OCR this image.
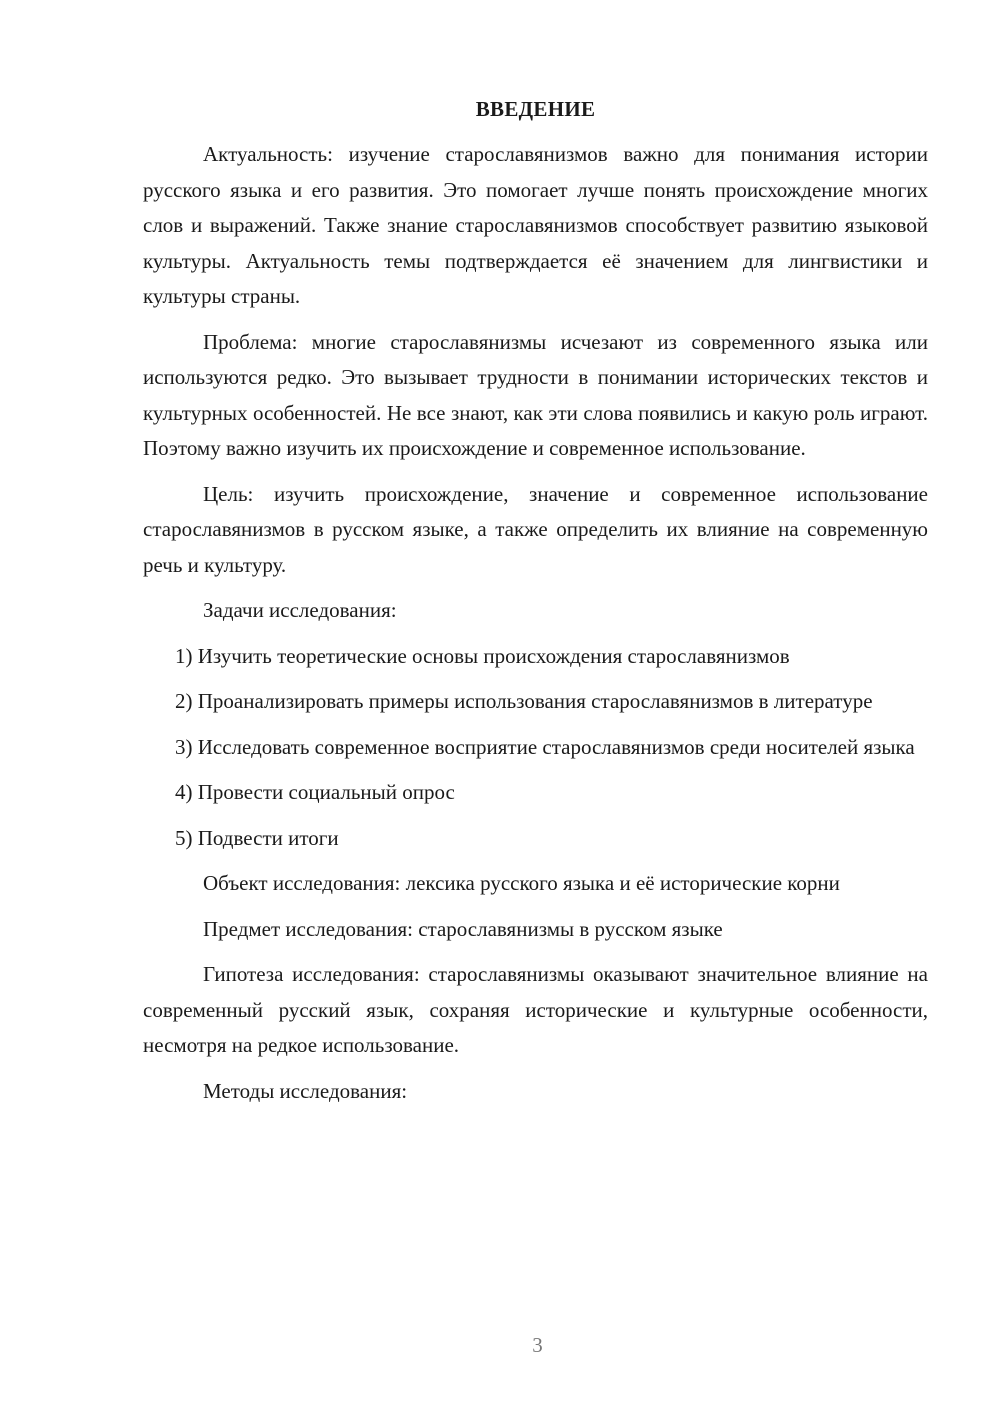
ВВЕДЕНИЕ

Актуальность: изучение старославянизмов важно для понимания истории русского языка и его развития. Это помогает лучше понять происхождение многих слов и выражений. Также знание старославянизмов способствует развитию языковой культуры. Актуальность темы подтверждается её значением для лингвистики и культуры страны.

Проблема: многие старославянизмы исчезают из современного языка или используются редко. Это вызывает трудности в понимании исторических текстов и культурных особенностей. Не все знают, как эти слова появились и какую роль играют. Поэтому важно изучить их происхождение и современное использование.

Цель: изучить происхождение, значение и современное использование старославянизмов в русском языке, а также определить их влияние на современную речь и культуру.

Задачи исследования:

1) Изучить теоретические основы происхождения старославянизмов

2) Проанализировать примеры использования старославянизмов в литературе

3) Исследовать современное восприятие старославянизмов среди носителей языка

4) Провести социальный опрос

5) Подвести итоги

Объект исследования: лексика русского языка и её исторические корни

Предмет исследования: старославянизмы в русском языке

Гипотеза исследования: старославянизмы оказывают значительное влияние на современный русский язык, сохраняя исторические и культурные особенности, несмотря на редкое использование.

Методы исследования:

3
